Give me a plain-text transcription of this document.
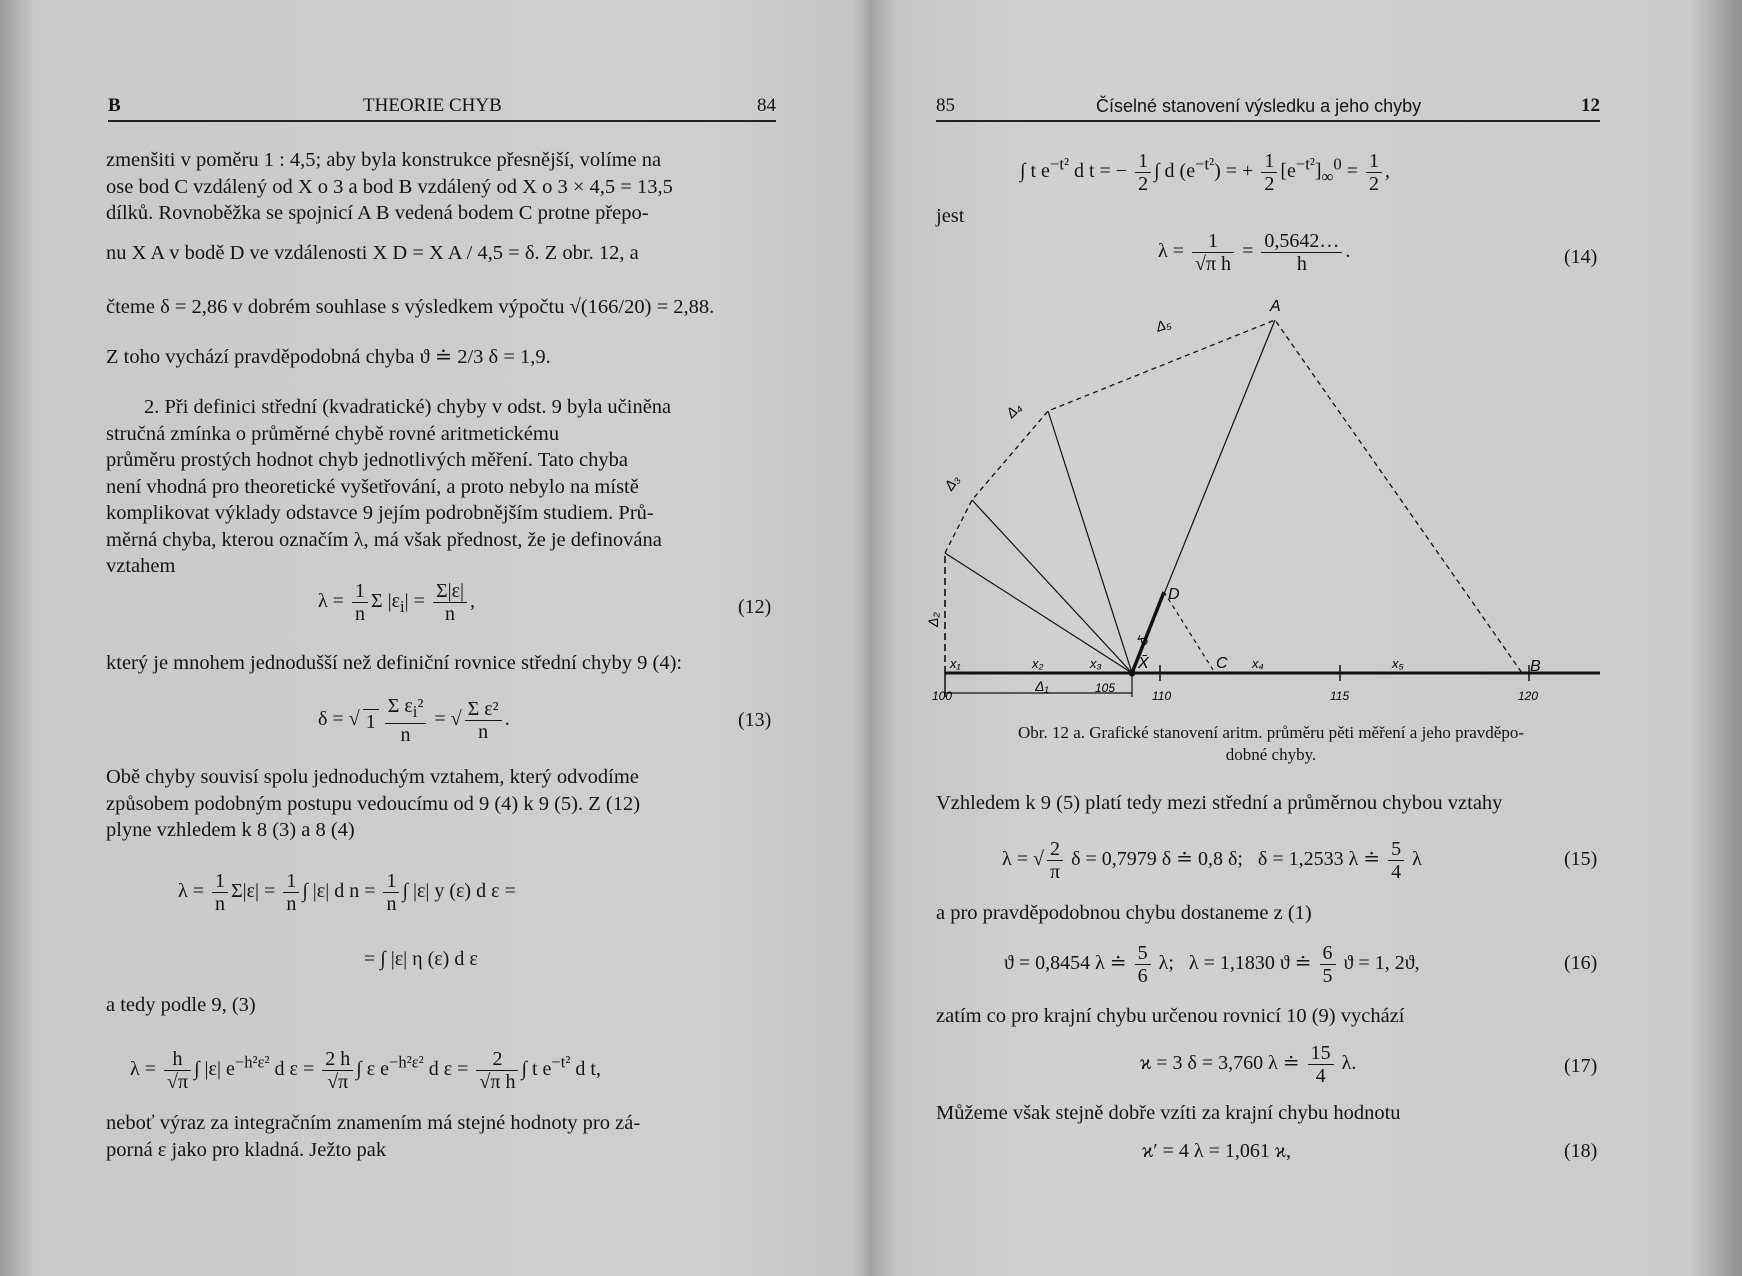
B	THEORIE CHYB	84
zmenšiti v poměru 1 : 4,5; aby byla konstrukce přesnější, volíme na
ose bod C vzdálený od X o 3 a bod B vzdálený od X o 3 × 4,5 = 13,5
dílků. Rovnoběžka se spojnicí A B vedená bodem C protne přepo-
nu X A v bodě D ve vzdálenosti X D = X A / 4,5 = δ. Z obr. 12, a
čteme δ = 2,86 v dobrém souhlase s výsledkem výpočtu √(166/20) = 2,88.
Z toho vychází pravděpodobná chyba ϑ ≐ 2/3 δ = 1,9.
2. Při definici střední (kvadratické) chyby v odst. 9 byla učiněna
stručná zmínka o průměrné chybě rovné aritmetickému
průměru prostých hodnot chyb jednotlivých měření. Tato chyba
není vhodná pro theoretické vyšetřování, a proto nebylo na místě
komplikovat výklady odstavce 9 jejím podrobnějším studiem. Prů-
měrná chyba, kterou označím λ, má však přednost, že je definována
vztahem
$\lambda = \frac{1}{n}$ Σ $|\varepsilon_i| = \frac{\Sigma|\varepsilon|}{n}$ ,	(12)
který je mnohem jednodušší než definiční rovnice střední chyby 9 (4):
δ = √ $1 \frac{\Sigma \varepsilon_i^2}{n}$ = √ $\frac{\text{Σ ε²}}{n}$ .	(13)
Obě chyby souvisí spolu jednoduchým vztahem, který odvodíme
způsobem podobným postupu vedoucímu od 9 (4) k 9 (5). Z (12)
plyne vzhledem k 8 (3) a 8 (4)
$\lambda = \frac{1}{n} \Sigma|\varepsilon| = \frac{1}{n}$ ∫ |ε| d $n = \frac{1}{n}$ ∫ |ε| y (ε) d ε =
= ∫ |ε| η (ε) d ε
a tedy podle 9, (3)
$\lambda = \frac{h}{√\pi}$ ∫ |ε| $e^{-h^2\varepsilon^2}$ d $\varepsilon = \frac{2 h}{√\pi}$ ∫ ε $e^{-h^2\varepsilon^2}$ d $\varepsilon = \frac{2}{\text{√π h}}$ ∫ t $e^{-t^2}$ d t,
neboť výraz za integračním znamením má stejné hodnoty pro zá-
porná ε jako pro kladná. Ježto pak
85	Číselné stanovení výsledku a jeho chyby	12
∫ t $e^{-t^2}$ d t = − $\frac{1}{2}$ ∫ d $(e^{-t^2})$ = + $\frac{1}{2} [e^{-t^2}]_\infty^0 = \frac{1}{2}$ ,
jest
$\lambda = \frac{1}{\text{√π h}} = \frac{0,5642\dots}{h}$ .	(14)
A
B
C
D
X̄
x₁	x₂	x₃	x₄	x₅
Δ₁
Δ₂
Δ₃
Δ₄
Δ₅
δ
105
100	110	115	120
Obr. 12 a. Grafické stanovení aritm. průměru pěti měření a jeho pravděpo-
dobné chyby.
Vzhledem k 9 (5) platí tedy mezi střední a průměrnou chybou vztahy
λ = √ $\frac{2}{\pi}$ δ = 0,7979 δ ≐ 0,8 δ;   δ = 1,2533 λ ≐ $\frac{5}{4}$ λ	(15)
a pro pravděpodobnou chybu dostaneme z (1)
ϑ = 0,8454 λ ≐ $\frac{5}{6} \lambda$;   λ = 1,1830 ϑ ≐ $\frac{6}{5}$ ϑ = 1, 2ϑ,	(16)
zatím co pro krajní chybu určenou rovnicí 10 (9) vychází
ϰ = 3 δ = 3,760 λ ≐ $\frac{15}{4} \lambda$.	(17)
Můžeme však stejně dobře vzíti za krajní chybu hodnotu
ϰ′ = 4 λ = 1,061 ϰ,	(18)
